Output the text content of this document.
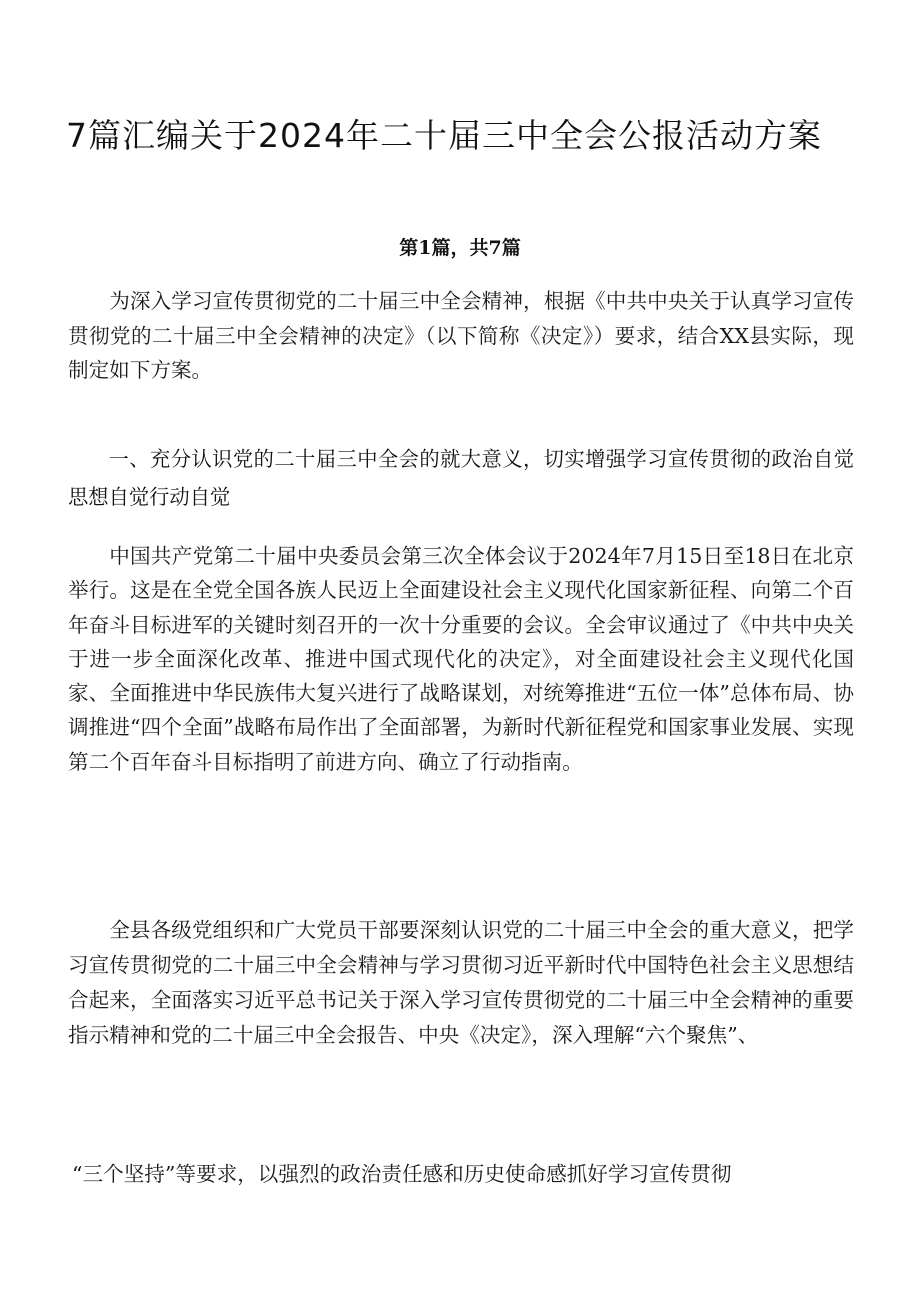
7篇汇编关于2024年二十届三中全会公报活动方案
第1篇，共7篇

为深入学习宣传贯彻党的二十届三中全会精神，根据《中共中央关于认真学习宣传贯彻党的二十届三中全会精神的决定》（以下简称《决定》）要求，结合XX县实际，现制定如下方案。

一、充分认识党的二十届三中全会的就大意义，切实增强学习宣传贯彻的政治自觉思想自觉行动自觉

中国共产党第二十届中央委员会第三次全体会议于2024年7月15日至18日在北京举行。这是在全党全国各族人民迈上全面建设社会主义现代化国家新征程、向第二个百年奋斗目标进军的关键时刻召开的一次十分重要的会议。全会审议通过了《中共中央关于进一步全面深化改革、推进中国式现代化的决定》，对全面建设社会主义现代化国家、全面推进中华民族伟大复兴进行了战略谋划，对统筹推进“五位一体”总体布局、协调推进“四个全面”战略布局作出了全面部署，为新时代新征程党和国家事业发展、实现第二个百年奋斗目标指明了前进方向、确立了行动指南。

全县各级党组织和广大党员干部要深刻认识党的二十届三中全会的重大意义，把学习宣传贯彻党的二十届三中全会精神与学习贯彻习近平新时代中国特色社会主义思想结合起来，全面落实习近平总书记关于深入学习宣传贯彻党的二十届三中全会精神的重要指示精神和党的二十届三中全会报告、中央《决定》，深入理解“六个聚焦”、

“三个坚持”等要求，以强烈的政治责任感和历史使命感抓好学习宣传贯彻
